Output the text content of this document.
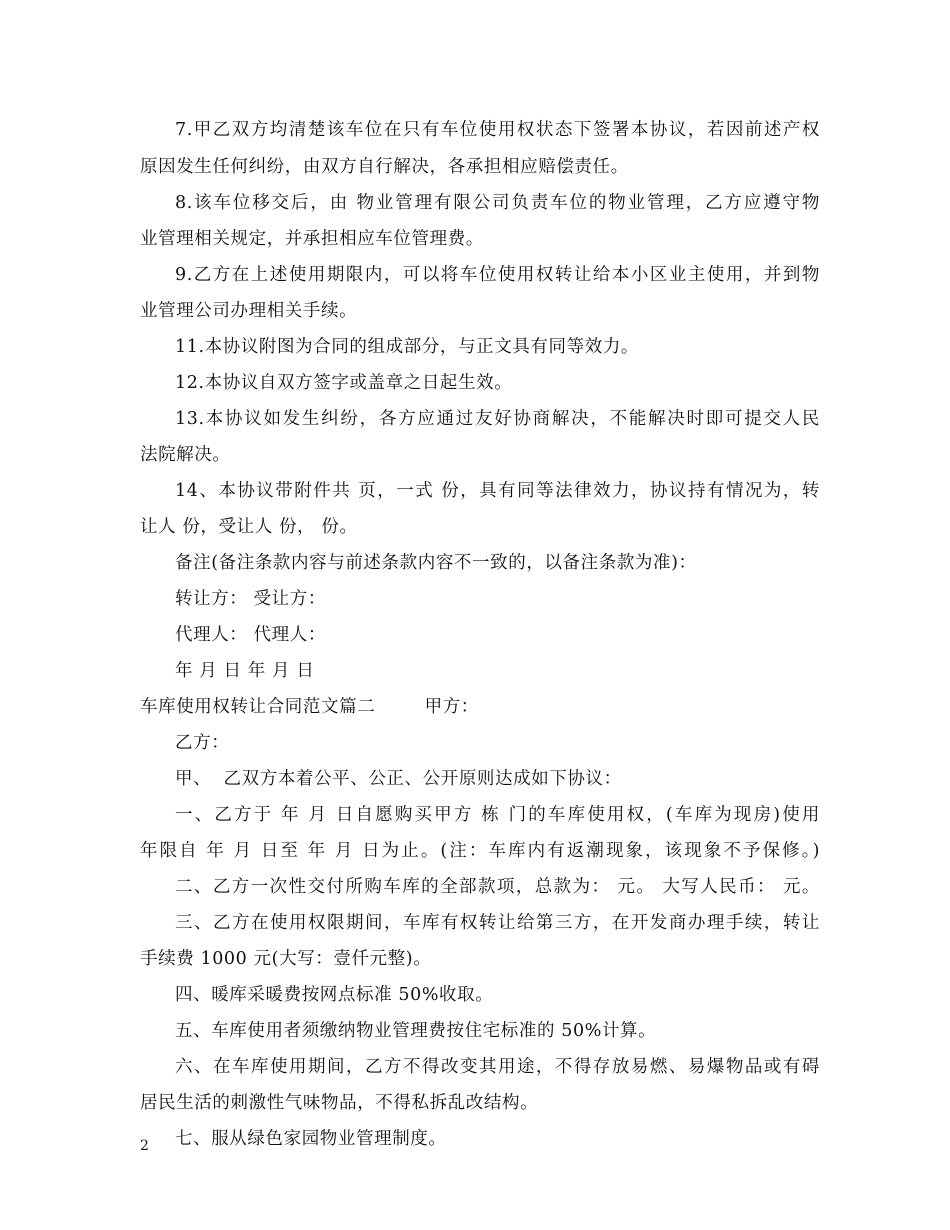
7.甲乙双方均清楚该车位在只有车位使用权状态下签署本协议，若因前述产权
原因发生任何纠纷，由双方自行解决，各承担相应赔偿责任。
8.该车位移交后，由 物业管理有限公司负责车位的物业管理，乙方应遵守物
业管理相关规定，并承担相应车位管理费。
9.乙方在上述使用期限内，可以将车位使用权转让给本小区业主使用，并到物
业管理公司办理相关手续。
11.本协议附图为合同的组成部分，与正文具有同等效力。
12.本协议自双方签字或盖章之日起生效。
13.本协议如发生纠纷，各方应通过友好协商解决，不能解决时即可提交人民
法院解决。
14、本协议带附件共 页，一式 份，具有同等法律效力，协议持有情况为，转
让人 份，受让人 份， 份。
备注(备注条款内容与前述条款内容不一致的，以备注条款为准)：
转让方： 受让方：
代理人： 代理人：
年 月 日 年 月 日
车库使用权转让合同范文篇二        甲方：
乙方：
甲、  乙双方本着公平、公正、公开原则达成如下协议：
一、乙方于 年 月 日自愿购买甲方 栋 门的车库使用权，(车库为现房)使用
年限自 年 月 日至 年 月 日为止。(注：车库内有返潮现象，该现象不予保修。)
二、乙方一次性交付所购车库的全部款项，总款为： 元。 大写人民币： 元。
三、乙方在使用权限期间，车库有权转让给第三方，在开发商办理手续，转让
手续费 1000 元(大写：壹仟元整)。
四、暖库采暖费按网点标准 50%收取。
五、车库使用者须缴纳物业管理费按住宅标准的 50%计算。
六、在车库使用期间，乙方不得改变其用途，不得存放易燃、易爆物品或有碍
居民生活的刺激性气味物品，不得私拆乱改结构。
七、服从绿色家园物业管理制度。
2
